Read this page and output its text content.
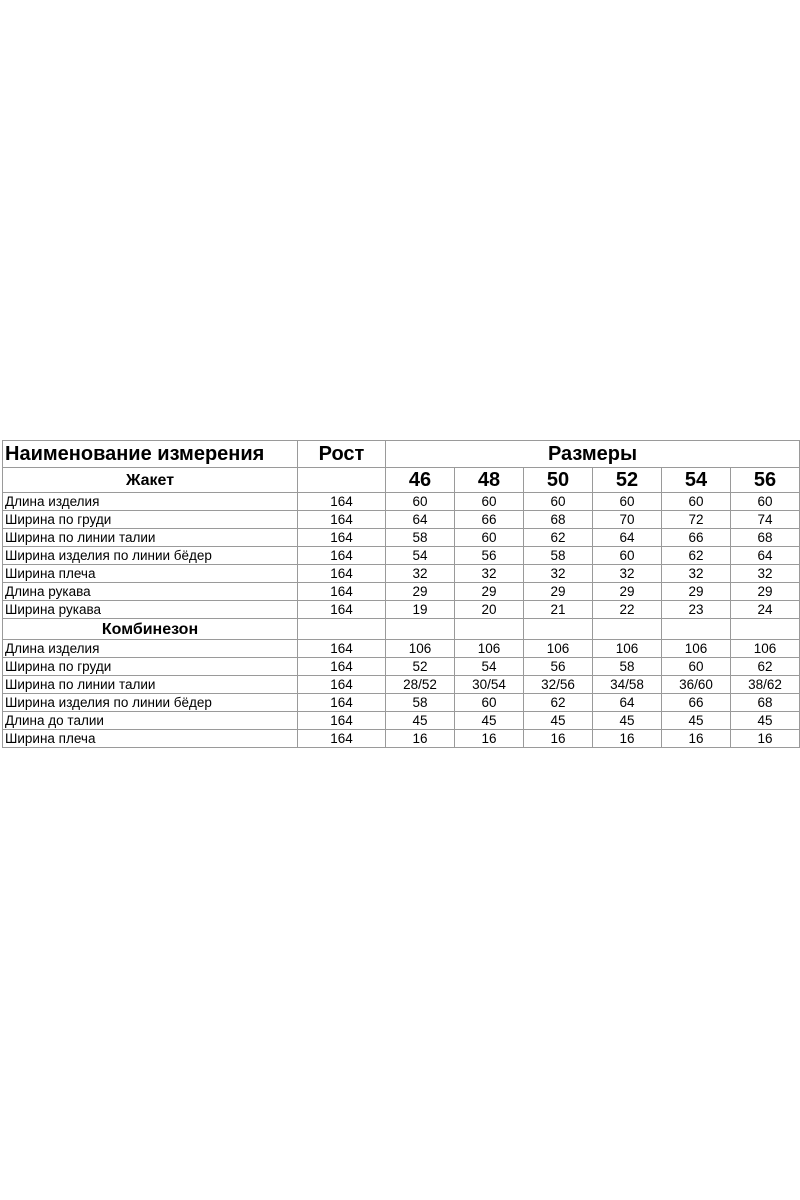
Наименование измерения	Рост	Размеры					
Жакет		46	48	50	52	54	56
Длина изделия	164	60	60	60	60	60	60
Ширина по груди	164	64	66	68	70	72	74
Ширина по линии талии	164	58	60	62	64	66	68
Ширина изделия по линии бёдер	164	54	56	58	60	62	64
Ширина плеча	164	32	32	32	32	32	32
Длина рукава	164	29	29	29	29	29	29
Ширина рукава	164	19	20	21	22	23	24
Комбинезон							
Длина изделия	164	106	106	106	106	106	106
Ширина по груди	164	52	54	56	58	60	62
Ширина по линии талии	164	28/52	30/54	32/56	34/58	36/60	38/62
Ширина изделия по линии бёдер	164	58	60	62	64	66	68
Длина до талии	164	45	45	45	45	45	45
Ширина плеча	164	16	16	16	16	16	16
